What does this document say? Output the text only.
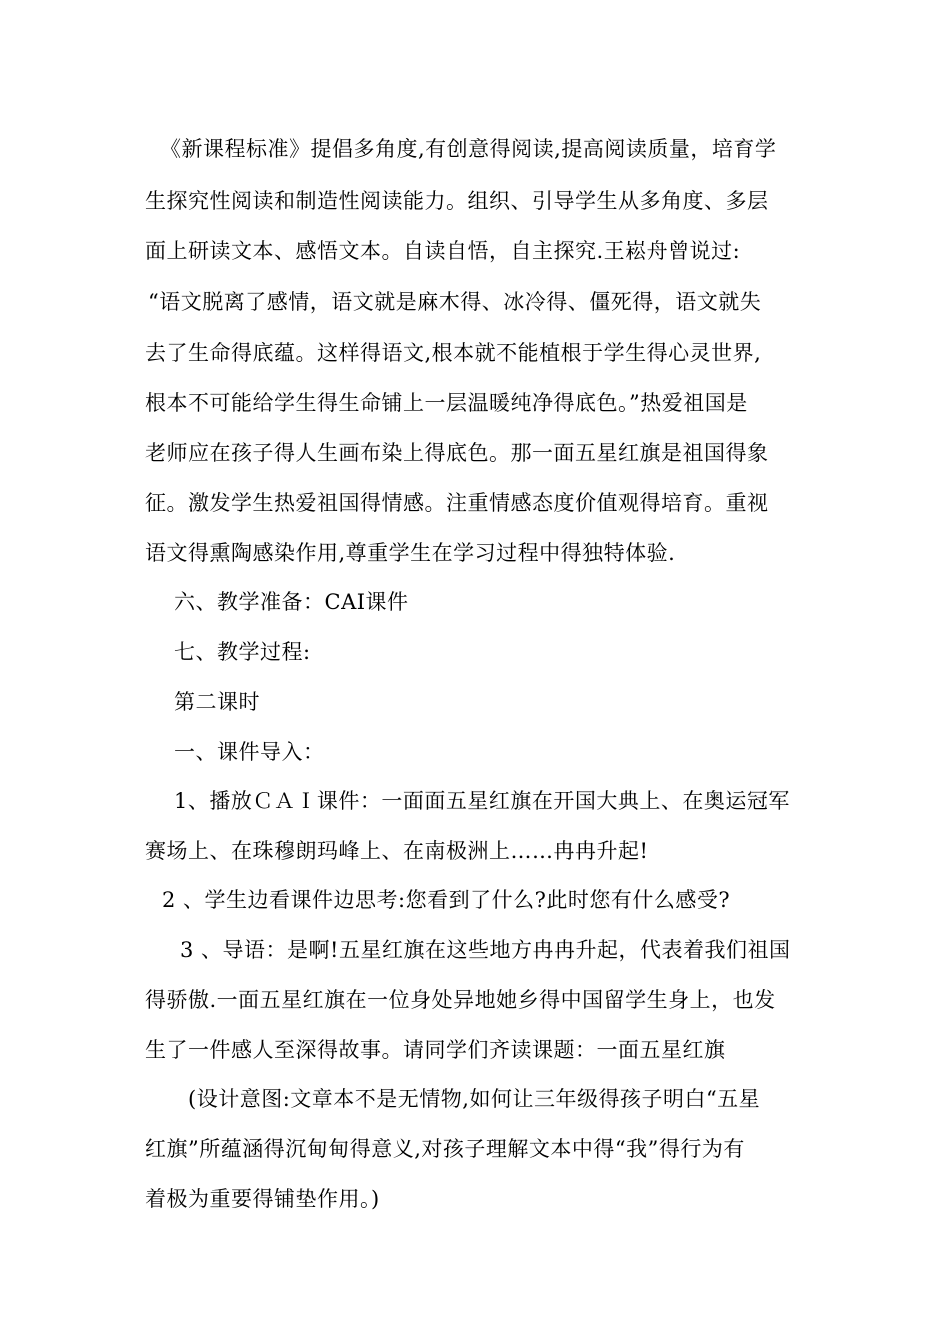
《新课程标准》提倡多角度,有创意得阅读,提高阅读质量，培育学
生探究性阅读和制造性阅读能力。组织、引导学生从多角度、多层
面上研读文本、感悟文本。自读自悟，自主探究.王崧舟曾说过:
“语文脱离了感情，语文就是麻木得、冰冷得、僵死得，语文就失
去了生命得底蕴。这样得语文,根本就不能植根于学生得心灵世界,
根本不可能给学生得生命铺上一层温暖纯净得底色。”热爱祖国是
老师应在孩子得人生画布染上得底色。那一面五星红旗是祖国得象
征。激发学生热爱祖国得情感。注重情感态度价值观得培育。重视
语文得熏陶感染作用,尊重学生在学习过程中得独特体验.
六、教学准备：CAⅠ课件
七、教学过程:
第二课时
一、课件导入：
1、播放ＣＡＩ课件：一面面五星红旗在开国大典上、在奥运冠军
赛场上、在珠穆朗玛峰上、在南极洲上……冉冉升起!
2 、学生边看课件边思考:您看到了什么?此时您有什么感受?
3 、导语：是啊!五星红旗在这些地方冉冉升起，代表着我们祖国
得骄傲.一面五星红旗在一位身处异地她乡得中国留学生身上，也发
生了一件感人至深得故事。请同学们齐读课题：一面五星红旗
(设计意图:文章本不是无情物,如何让三年级得孩子明白“五星
红旗”所蕴涵得沉甸甸得意义,对孩子理解文本中得“我”得行为有
着极为重要得铺垫作用。)
